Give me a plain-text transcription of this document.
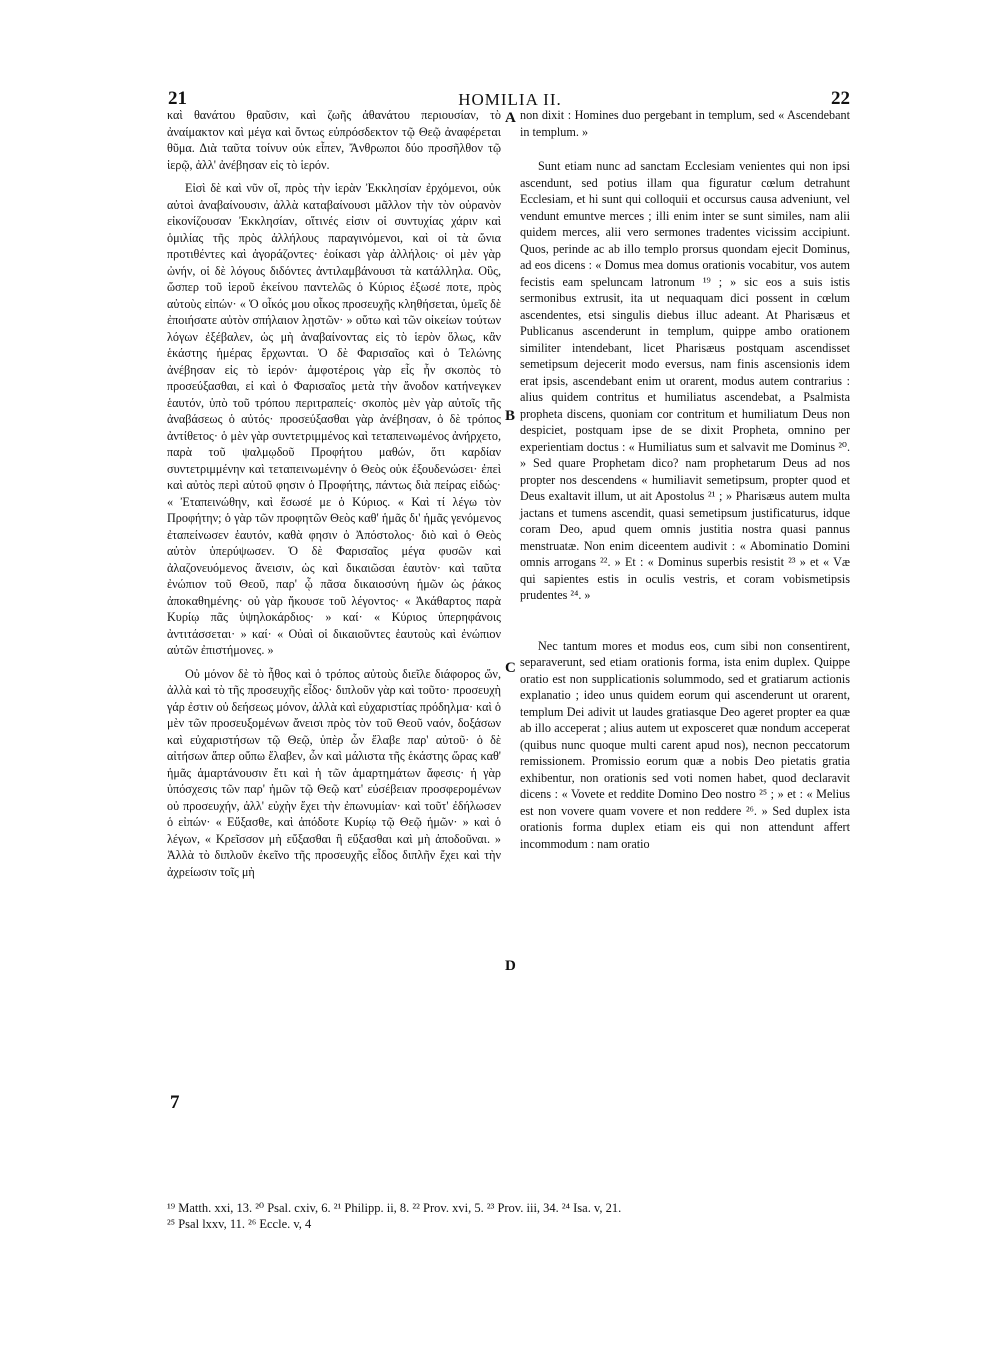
21	HOMILIA II.	22
A
B
C
D
7

καὶ θανάτου θραῦσιν, καὶ ζωῆς ἀθανάτου περιουσίαν, τὸ ἀναίμακτον καὶ μέγα καὶ ὄντως εὐπρόσδεκτον τῷ Θεῷ ἀναφέρεται θῦμα. Διὰ ταῦτα τοίνυν οὐκ εἶπεν, Ἄνθρωποι δύο προσῆλθον τῷ ἱερῷ, ἀλλ' ἀνέβησαν εἰς τὸ ἱερόν.

Εἰσὶ δὲ καὶ νῦν οἵ, πρὸς τὴν ἱερὰν Ἐκκλησίαν ἐρχόμενοι, οὐκ αὐτοὶ ἀναβαίνουσιν, ἀλλὰ καταβαίνουσι μᾶλλον τὴν τὸν οὐρανὸν εἰκονίζουσαν Ἐκκλησίαν, οἵτινές εἰσιν οἱ συντυχίας χάριν καὶ ὁμιλίας τῆς πρὸς ἀλλήλους παραγινόμενοι, καὶ οἱ τὰ ὤνια προτιθέντες καὶ ἀγοράζοντες· ἐοίκασι γὰρ ἀλλήλοις· οἱ μὲν γὰρ ὠνήν, οἱ δὲ λόγους διδόντες ἀντιλαμβάνουσι τὰ κατάλληλα. Οὓς, ὥσπερ τοῦ ἱεροῦ ἐκείνου παντελῶς ὁ Κύριος ἐξωσέ ποτε, πρὸς αὐτοὺς εἰπών· « Ὁ οἶκός μου οἶκος προσευχῆς κληθήσεται, ὑμεῖς δὲ ἐποιήσατε αὐτὸν σπήλαιον λῃστῶν· » οὕτω καὶ τῶν οἰκείων τούτων λόγων ἐξέβαλεν, ὡς μὴ ἀναβαίνοντας εἰς τὸ ἱερὸν ὅλως, κἂν ἑκάστης ἡμέρας ἔρχωνται. Ὁ δὲ Φαρισαῖος καὶ ὁ Τελώνης ἀνέβησαν εἰς τὸ ἱερόν· ἀμφοτέροις γὰρ εἷς ἦν σκοπὸς τὸ προσεύξασθαι, εἰ καὶ ὁ Φαρισαῖος μετὰ τὴν ἄνοδον κατήνεγκεν ἑαυτόν, ὑπὸ τοῦ τρόπου περιτραπείς· σκοπὸς μὲν γὰρ αὐτοῖς τῆς ἀναβάσεως ὁ αὐτός· προσεύξασθαι γὰρ ἀνέβησαν, ὁ δὲ τρόπος ἀντίθετος· ὁ μὲν γὰρ συντετριμμένος καὶ τεταπεινωμένος ἀνήρχετο, παρὰ τοῦ ψαλμῳδοῦ Προφήτου μαθών, ὅτι καρδίαν συντετριμμένην καὶ τεταπεινωμένην ὁ Θεὸς οὐκ ἐξουδενώσει· ἐπεὶ καὶ αὐτὸς περὶ αὐτοῦ φησιν ὁ Προφήτης, πάντως διὰ πείρας εἰδώς· « Ἐταπεινώθην, καὶ ἔσωσέ με ὁ Κύριος. « Καὶ τί λέγω τὸν Προφήτην; ὁ γὰρ τῶν προφητῶν Θεὸς καθ' ἡμᾶς δι' ἡμᾶς γενόμενος ἐταπείνωσεν ἑαυτόν, καθὰ φησιν ὁ Ἀπόστολος· διὸ καὶ ὁ Θεὸς αὐτὸν ὑπερύψωσεν. Ὁ δὲ Φαρισαῖος μέγα φυσῶν καὶ ἀλαζονευόμενος ἄνεισιν, ὡς καὶ δικαιῶσαι ἑαυτὸν· καὶ ταῦτα ἐνώπιον τοῦ Θεοῦ, παρ' ᾧ πᾶσα δικαιοσύνη ἡμῶν ὡς ῥάκος ἀποκαθημένης· οὐ γὰρ ἤκουσε τοῦ λέγοντος· « Ἀκάθαρτος παρὰ Κυρίῳ πᾶς ὑψηλοκάρδιος· » καί· « Κύριος ὑπερηφάνοις ἀντιτάσσεται· » καί· « Οὐαὶ οἱ δικαιοῦντες ἑαυτοὺς καὶ ἐνώπιον αὐτῶν ἐπιστήμονες. »

Οὐ μόνον δὲ τὸ ἦθος καὶ ὁ τρόπος αὐτοὺς διεῖλε διάφορος ὤν, ἀλλὰ καὶ τὸ τῆς προσευχῆς εἶδος· διπλοῦν γὰρ καὶ τοῦτο· προσευχὴ γάρ ἐστιν οὐ δεήσεως μόνον, ἀλλὰ καὶ εὐχαριστίας πρόδηλμα· καὶ ὁ μὲν τῶν προσευξομένων ἄνεισι πρὸς τὸν τοῦ Θεοῦ ναόν, δοξάσων καὶ εὐχαριστήσων τῷ Θεῷ, ὑπὲρ ὧν ἔλαβε παρ' αὐτοῦ· ὁ δὲ αἰτήσων ἅπερ οὔπω ἔλαβεν, ὧν καὶ μάλιστα τῆς ἑκάστης ὥρας καθ' ἡμᾶς ἁμαρτάνουσιν ἔτι καὶ ἡ τῶν ἁμαρτημάτων ἄφεσις· ἡ γὰρ ὑπόσχεσις τῶν παρ' ἡμῶν τῷ Θεῷ κατ' εὐσέβειαν προσφερομένων οὐ προσευχήν, ἀλλ' εὐχὴν ἔχει τὴν ἐπωνυμίαν· καὶ τοῦτ' ἐδήλωσεν ὁ εἰπών· « Εὔξασθε, καὶ ἀπόδοτε Κυρίῳ τῷ Θεῷ ἡμῶν· » καὶ ὁ λέγων, « Κρεῖσσον μὴ εὔξασθαι ἢ εὔξασθαι καὶ μὴ ἀποδοῦναι. » Ἀλλὰ τὸ διπλοῦν ἐκεῖνο τῆς προσευχῆς εἶδος διπλῆν ἔχει καὶ τὴν ἀχρείωσιν τοῖς μὴ

non dixit : Homines duo pergebant in templum, sed « Ascendebant in templum. »

Sunt etiam nunc ad sanctam Ecclesiam venientes qui non ipsi ascendunt, sed potius illam qua figuratur cœlum detrahunt Ecclesiam, et hi sunt qui colloquii et occursus causa adveniunt, vel vendunt emuntve merces ; illi enim inter se sunt similes, nam alii quidem merces, alii vero sermones tradentes vicissim accipiunt. Quos, perinde ac ab illo templo prorsus quondam ejecit Dominus, ad eos dicens : « Domus mea domus orationis vocabitur, vos autem fecistis eam speluncam latronum ¹⁹ ; » sic eos a suis istis sermonibus extrusit, ita ut nequaquam dici possent in cœlum ascendentes, etsi singulis diebus illuc adeant. At Pharisæus et Publicanus ascenderunt in templum, quippe ambo orationem similiter intendebant, licet Pharisæus postquam ascendisset semetipsum dejecerit modo eversus, nam finis ascensionis idem erat ipsis, ascendebant enim ut orarent, modus autem contrarius : alius quidem contritus et humiliatus ascendebat, a Psalmista propheta discens, quoniam cor contritum et humiliatum Deus non despiciet, postquam ipse de se dixit Propheta, omnino per experientiam doctus : « Humiliatus sum et salvavit me Dominus ²⁰. » Sed quare Prophetam dico? nam prophetarum Deus ad nos propter nos descendens « humiliavit semetipsum, propter quod et Deus exaltavit illum, ut ait Apostolus ²¹ ; » Pharisæus autem multa jactans et tumens ascendit, quasi semetipsum justificaturus, idque coram Deo, apud quem omnis justitia nostra quasi pannus menstruatæ. Non enim diceentem audivit : « Abominatio Domini omnis arrogans ²². » Et : « Dominus superbis resistit ²³ » et « Væ qui sapientes estis in oculis vestris, et coram vobismetipsis prudentes ²⁴. »

Nec tantum mores et modus eos, cum sibi non consentirent, separaverunt, sed etiam orationis forma, ista enim duplex. Quippe oratio est non supplicationis solummodo, sed et gratiarum actionis explanatio ; ideo unus quidem eorum qui ascenderunt ut orarent, templum Dei adivit ut laudes gratiasque Deo ageret propter ea quæ ab illo acceperat ; alius autem ut exposceret quæ nondum acceperat (quibus nunc quoque multi carent apud nos), necnon peccatorum remissionem. Promissio eorum quæ a nobis Deo pietatis gratia exhibentur, non orationis sed voti nomen habet, quod declaravit dicens : « Vovete et reddite Domino Deo nostro ²⁵ ; » et : « Melius est non vovere quam vovere et non reddere ²⁶. » Sed duplex ista orationis forma duplex etiam eis qui non attendunt affert incommodum : nam oratio

¹⁹ Matth. xxi, 13. ²⁰ Psal. cxiv, 6. ²¹ Philipp. ii, 8. ²² Prov. xvi, 5. ²³ Prov. iii, 34. ²⁴ Isa. v, 21.
²⁵ Psal lxxv, 11. ²⁶ Eccle. v, 4
